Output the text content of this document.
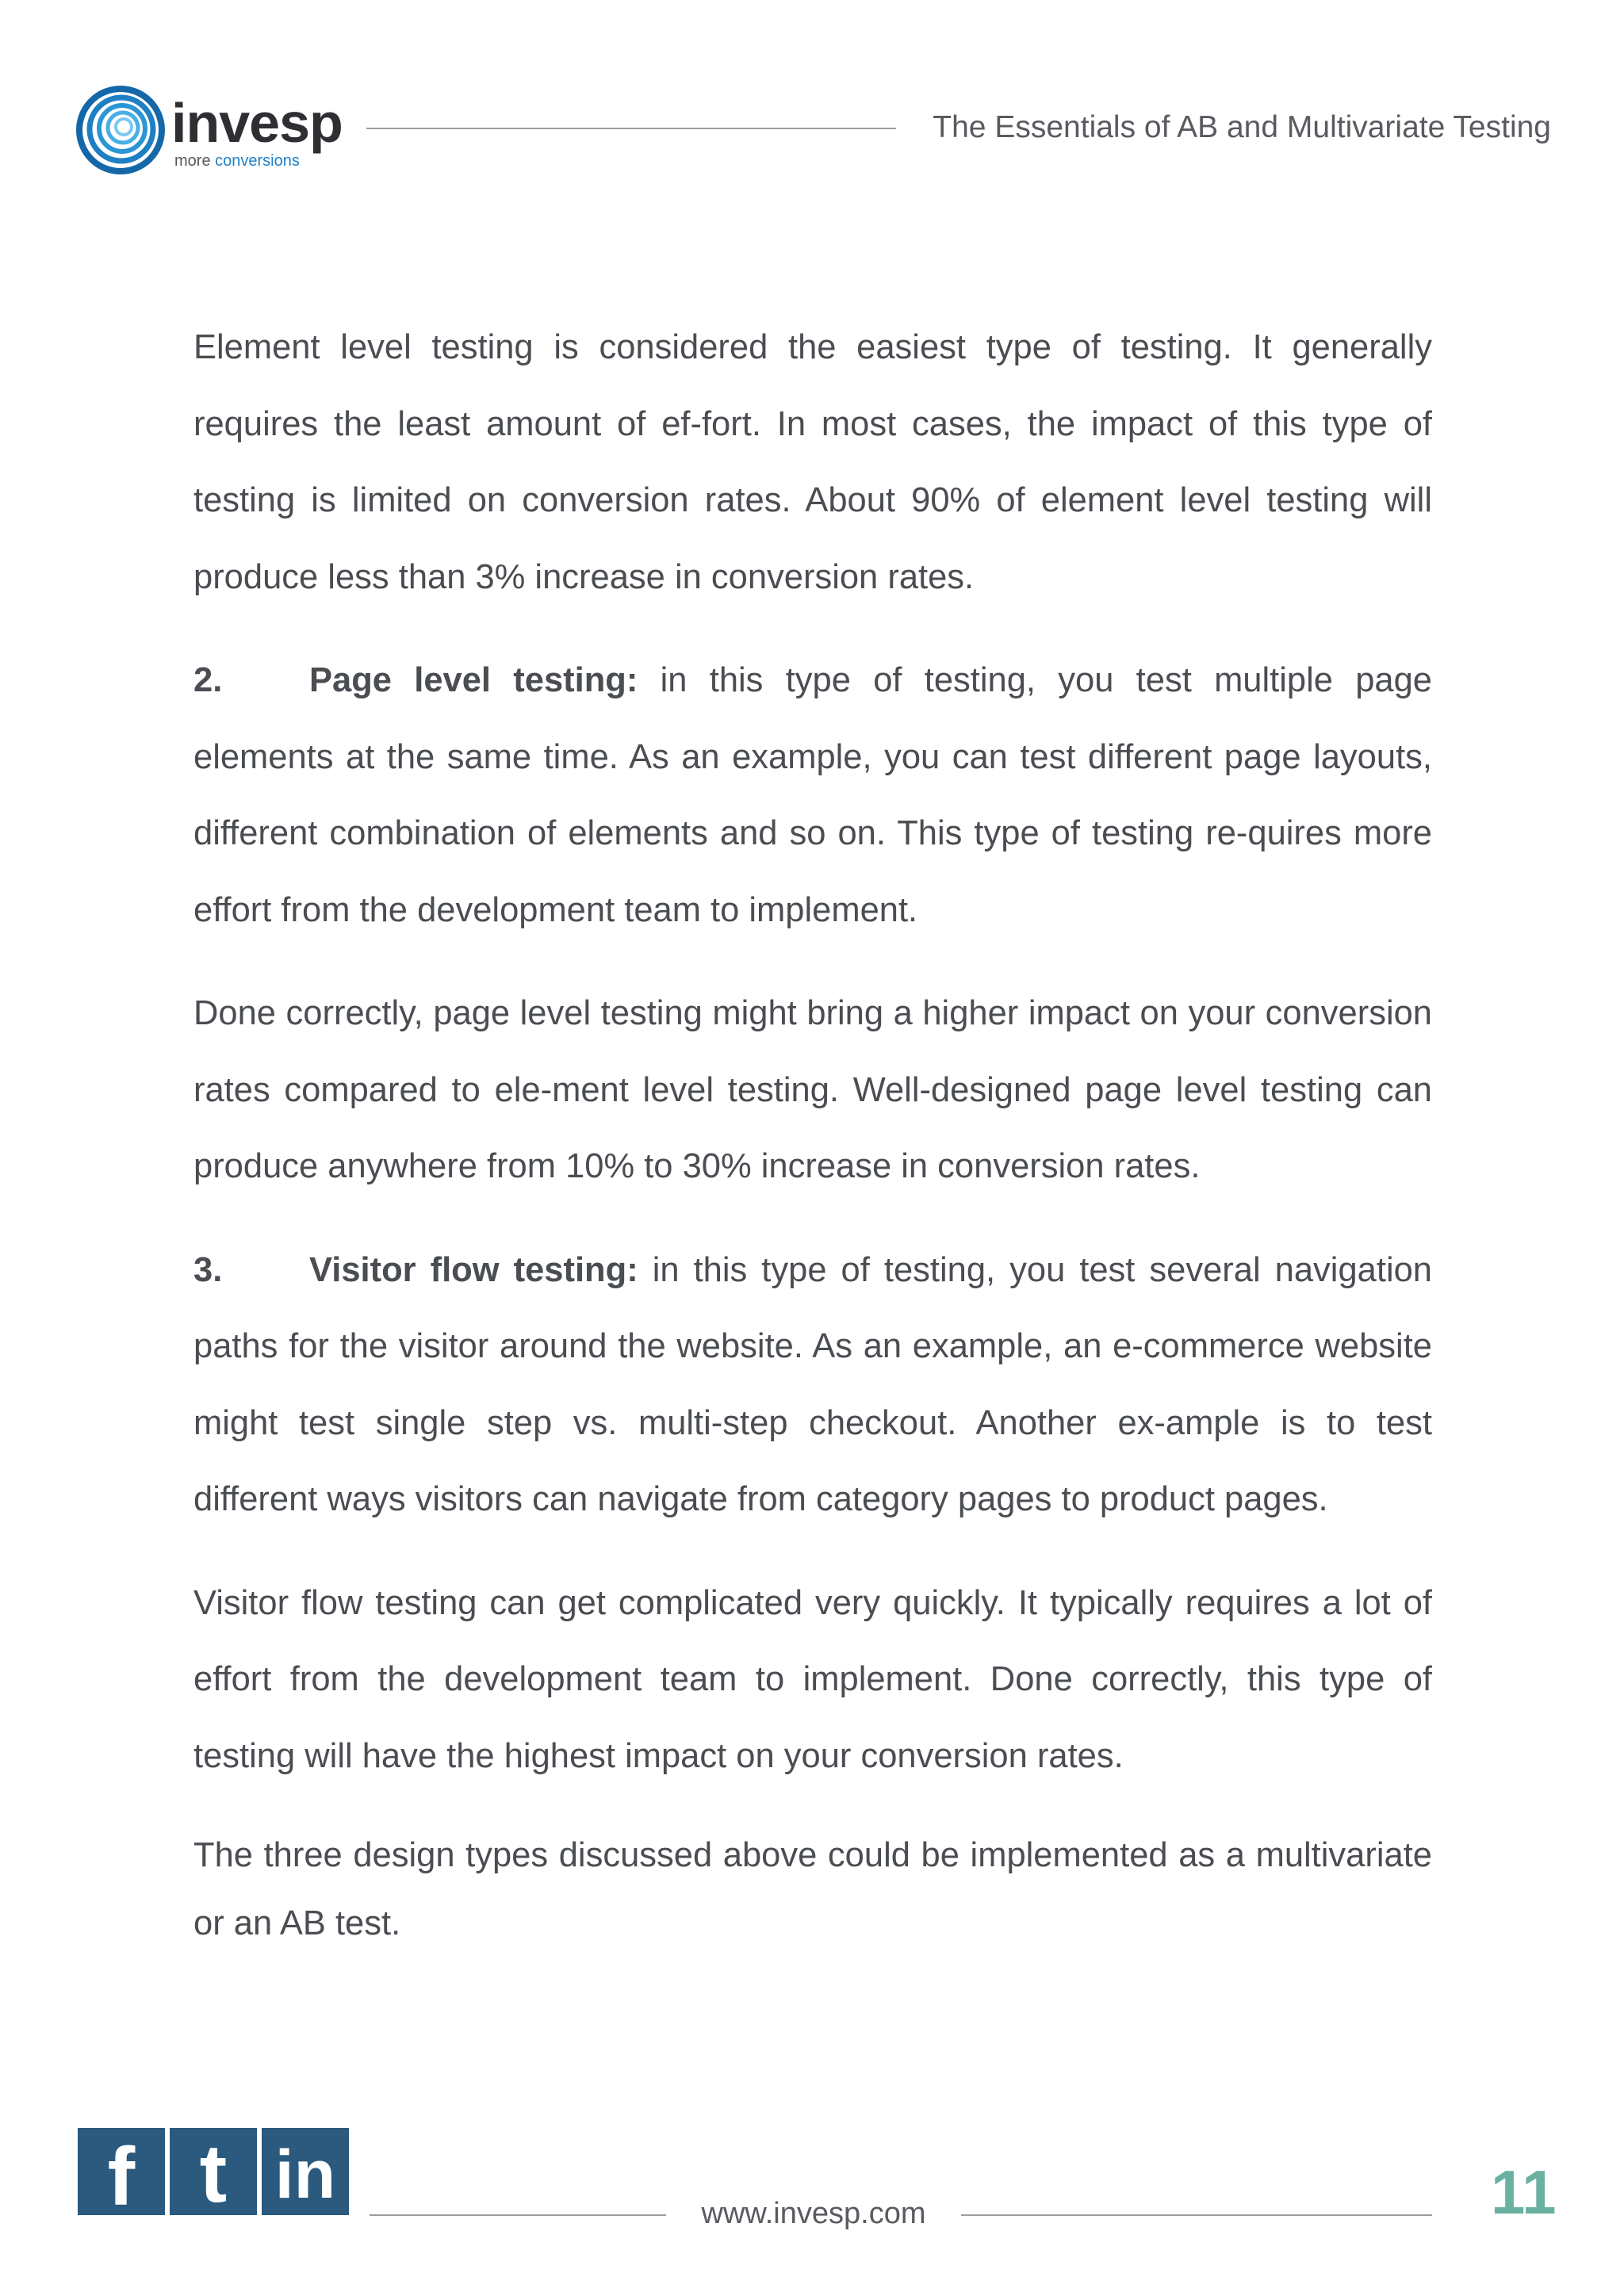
invesp
more conversions
The Essentials of AB and Multivariate Testing

Element level testing is considered the easiest type of testing. It generally requires the least amount of ef-fort. In most cases, the impact of this type of testing is limited on conversion rates. About 90% of element level testing will produce less than 3% increase in conversion rates.

2.	Page level testing: in this type of testing, you test multiple page elements at the same time. As an example, you can test different page layouts, different combination of elements and so on. This type of testing re-quires more effort from the development team to implement.

Done correctly, page level testing might bring a higher impact on your conversion rates compared to ele-ment level testing. Well-designed page level testing can produce anywhere from 10% to 30% increase in conversion rates.

3.	Visitor flow testing: in this type of testing, you test several navigation paths for the visitor around the website. As an example, an e-commerce website might test single step vs. multi-step checkout. Another ex-ample is to test different ways visitors can navigate from category pages to product pages.

Visitor flow testing can get complicated very quickly. It typically requires a lot of effort from the development team to implement. Done correctly, this type of testing will have the highest impact on your conversion rates.

The three design types discussed above could be implemented as a multivariate or an AB test.

f t in
www.invesp.com	11
